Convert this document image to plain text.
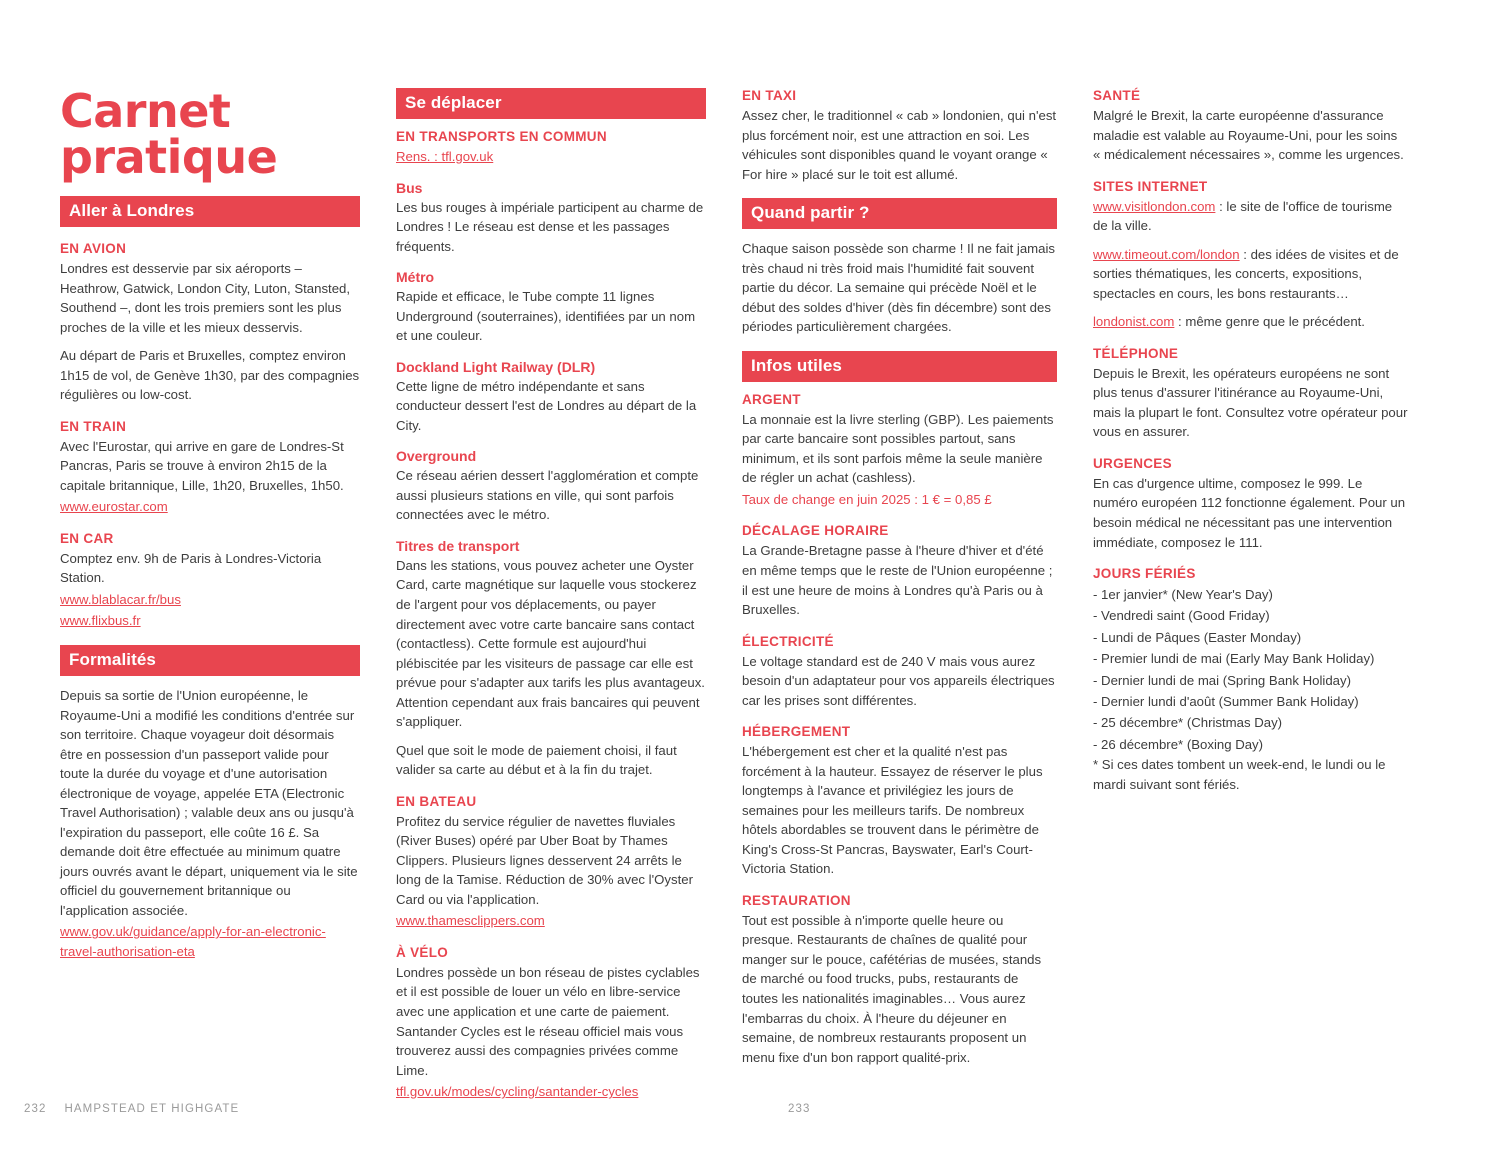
Carnet
pratique
Aller à Londres
EN AVION

Londres est desservie par six aéroports – Heathrow, Gatwick, London City, Luton, Stansted, Southend –, dont les trois premiers sont les plus proches de la ville et les mieux desservis.

Au départ de Paris et Bruxelles, comptez environ 1h15 de vol, de Genève 1h30, par des compagnies régulières ou low-cost.

EN TRAIN

Avec l'Eurostar, qui arrive en gare de Londres-St Pancras, Paris se trouve à environ 2h15 de la capitale britannique, Lille, 1h20, Bruxelles, 1h50.

www.eurostar.com
EN CAR

Comptez env. 9h de Paris à Londres-Victoria Station.

www.blablacar.fr/bus
www.flixbus.fr
Formalités

Depuis sa sortie de l'Union européenne, le Royaume-Uni a modifié les conditions d'entrée sur son territoire. Chaque voyageur doit désormais être en possession d'un passeport valide pour toute la durée du voyage et d'une autorisation électronique de voyage, appelée ETA (Electronic Travel Authorisation) ; valable deux ans ou jusqu'à l'expiration du passeport, elle coûte 16 £. Sa demande doit être effectuée au minimum quatre jours ouvrés avant le départ, uniquement via le site officiel du gouvernement britannique ou l'application associée.

www.gov.uk/guidance/apply-for-an-electronic-travel-authorisation-eta
Se déplacer
EN TRANSPORTS EN COMMUN
Rens. : tfl.gov.uk
Bus

Les bus rouges à impériale participent au charme de Londres ! Le réseau est dense et les passages fréquents.

Métro

Rapide et efficace, le Tube compte 11 lignes Underground (souterraines), identifiées par un nom et une couleur.

Dockland Light Railway (DLR)

Cette ligne de métro indépendante et sans conducteur dessert l'est de Londres au départ de la City.

Overground

Ce réseau aérien dessert l'agglomération et compte aussi plusieurs stations en ville, qui sont parfois connectées avec le métro.

Titres de transport

Dans les stations, vous pouvez acheter une Oyster Card, carte magnétique sur laquelle vous stockerez de l'argent pour vos déplacements, ou payer directement avec votre carte bancaire sans contact (contactless). Cette formule est aujourd'hui plébiscitée par les visiteurs de passage car elle est prévue pour s'adapter aux tarifs les plus avantageux. Attention cependant aux frais bancaires qui peuvent s'appliquer.

Quel que soit le mode de paiement choisi, il faut valider sa carte au début et à la fin du trajet.

EN BATEAU

Profitez du service régulier de navettes fluviales (River Buses) opéré par Uber Boat by Thames Clippers. Plusieurs lignes desservent 24 arrêts le long de la Tamise. Réduction de 30% avec l'Oyster Card ou via l'application.

www.thamesclippers.com
À VÉLO

Londres possède un bon réseau de pistes cyclables et il est possible de louer un vélo en libre-service avec une application et une carte de paiement. Santander Cycles est le réseau officiel mais vous trouverez aussi des compagnies privées comme Lime.

tfl.gov.uk/modes/cycling/santander-cycles
EN TAXI

Assez cher, le traditionnel « cab » londonien, qui n'est plus forcément noir, est une attraction en soi. Les véhicules sont disponibles quand le voyant orange « For hire » placé sur le toit est allumé.

Quand partir ?

Chaque saison possède son charme ! Il ne fait jamais très chaud ni très froid mais l'humidité fait souvent partie du décor. La semaine qui précède Noël et le début des soldes d'hiver (dès fin décembre) sont des périodes particulièrement chargées.

Infos utiles
ARGENT

La monnaie est la livre sterling (GBP). Les paiements par carte bancaire sont possibles partout, sans minimum, et ils sont parfois même la seule manière de régler un achat (cashless).

Taux de change en juin 2025 : 1 € = 0,85 £
DÉCALAGE HORAIRE

La Grande-Bretagne passe à l'heure d'hiver et d'été en même temps que le reste de l'Union européenne ; il est une heure de moins à Londres qu'à Paris ou à Bruxelles.

ÉLECTRICITÉ

Le voltage standard est de 240 V mais vous aurez besoin d'un adaptateur pour vos appareils électriques car les prises sont différentes.

HÉBERGEMENT

L'hébergement est cher et la qualité n'est pas forcément à la hauteur. Essayez de réserver le plus longtemps à l'avance et privilégiez les jours de semaines pour les meilleurs tarifs. De nombreux hôtels abordables se trouvent dans le périmètre de King's Cross-St Pancras, Bayswater, Earl's Court-Victoria Station.

RESTAURATION

Tout est possible à n'importe quelle heure ou presque. Restaurants de chaînes de qualité pour manger sur le pouce, cafétérias de musées, stands de marché ou food trucks, pubs, restaurants de toutes les nationalités imaginables… Vous aurez l'embarras du choix. À l'heure du déjeuner en semaine, de nombreux restaurants proposent un menu fixe d'un bon rapport qualité-prix.

SANTÉ

Malgré le Brexit, la carte européenne d'assurance maladie est valable au Royaume-Uni, pour les soins « médicalement nécessaires », comme les urgences.

SITES INTERNET

www.visitlondon.com : le site de l'office de tourisme de la ville.

www.timeout.com/london : des idées de visites et de sorties thématiques, les concerts, expositions, spectacles en cours, les bons restaurants…

londonist.com : même genre que le précédent.

TÉLÉPHONE

Depuis le Brexit, les opérateurs européens ne sont plus tenus d'assurer l'itinérance au Royaume-Uni, mais la plupart le font. Consultez votre opérateur pour vous en assurer.

URGENCES

En cas d'urgence ultime, composez le 999. Le numéro européen 112 fonctionne également. Pour un besoin médical ne nécessitant pas une intervention immédiate, composez le 111.

JOURS FÉRIÉS
- 1er janvier* (New Year's Day)
- Vendredi saint (Good Friday)
- Lundi de Pâques (Easter Monday)
- Premier lundi de mai (Early May Bank Holiday)
- Dernier lundi de mai (Spring Bank Holiday)
- Dernier lundi d'août (Summer Bank Holiday)
- 25 décembre* (Christmas Day)
- 26 décembre* (Boxing Day)

* Si ces dates tombent un week-end, le lundi ou le mardi suivant sont fériés.

232 HAMPSTEAD ET HIGHGATE	233
